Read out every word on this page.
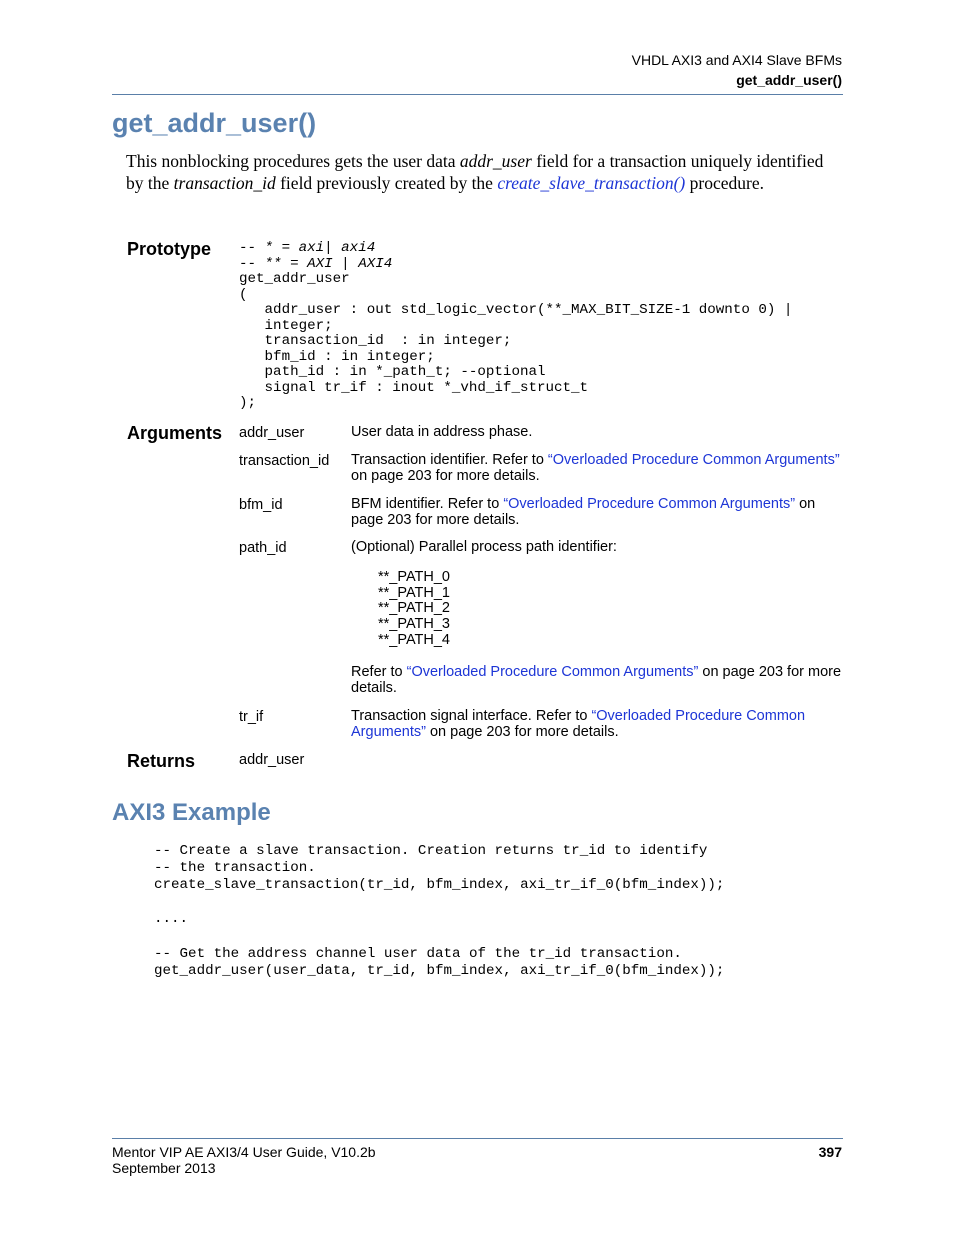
VHDL AXI3 and AXI4 Slave BFMs
get_addr_user()
get_addr_user()
This nonblocking procedures gets the user data addr_user field for a transaction uniquely identified by the transaction_id field previously created by the create_slave_transaction() procedure.
Prototype -- * = axi| axi4
-- ** = AXI | AXI4
get_addr_user
(
addr_user : out std_logic_vector(**_MAX_BIT_SIZE-1 downto 0) |
integer;
transaction_id  : in integer;
bfm_id : in integer;
path_id : in *_path_t; --optional
signal tr_if : inout *_vhd_if_struct_t
);
Arguments addr_user	User data in address phase.
transaction_id Transaction identifier. Refer to “Overloaded Procedure Common Arguments” on page 203 for more details.
bfm_id	BFM identifier. Refer to “Overloaded Procedure Common Arguments” on page 203 for more details.
path_id	(Optional) Parallel process path identifier:
**_PATH_0
**_PATH_1
**_PATH_2
**_PATH_3
**_PATH_4
Refer to “Overloaded Procedure Common Arguments” on page 203 for more details.
tr_if	Transaction signal interface. Refer to “Overloaded Procedure Common Arguments” on page 203 for more details.
Returns	addr_user
AXI3 Example
-- Create a slave transaction. Creation returns tr_id to identify
-- the transaction.
create_slave_transaction(tr_id, bfm_index, axi_tr_if_0(bfm_index));

....

-- Get the address channel user data of the tr_id transaction.
get_addr_user(user_data, tr_id, bfm_index, axi_tr_if_0(bfm_index));
Mentor VIP AE AXI3/4 User Guide, V10.2b
September 2013
397
